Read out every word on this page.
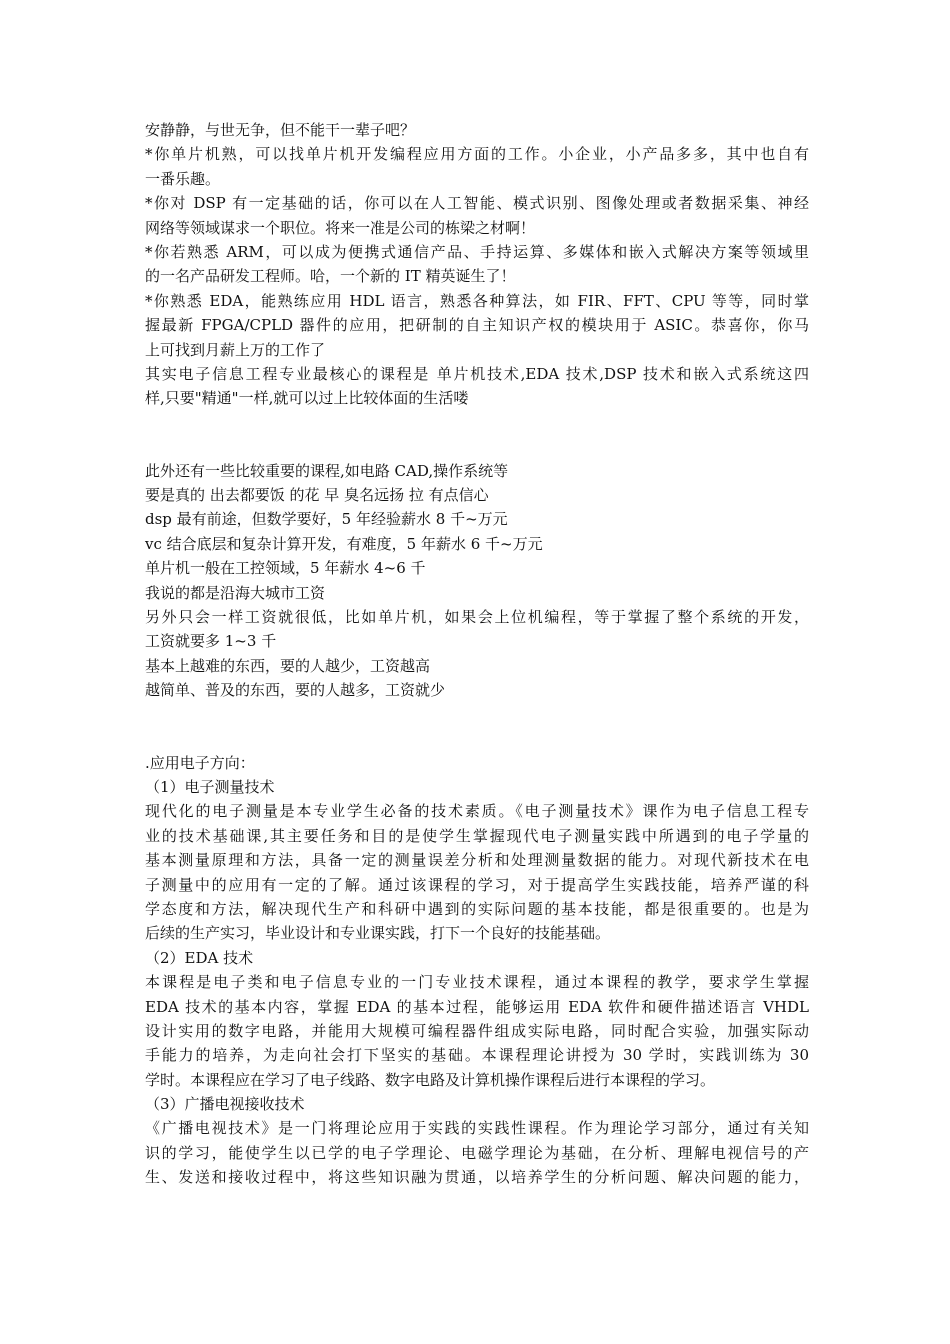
安静静，与世无争，但不能干一辈子吧？
*你单片机熟，可以找单片机开发编程应用方面的工作。小企业，小产品多多，其中也自有
一番乐趣。
*你对 DSP 有一定基础的话，你可以在人工智能、模式识别、图像处理或者数据采集、神经
网络等领域谋求一个职位。将来一准是公司的栋梁之材啊！
*你若熟悉 ARM，可以成为便携式通信产品、手持运算、多媒体和嵌入式解决方案等领域里
的一名产品研发工程师。哈，一个新的 IT 精英诞生了！
*你熟悉 EDA，能熟练应用 HDL 语言，熟悉各种算法，如 FIR、FFT、CPU 等等，同时掌
握最新 FPGA/CPLD 器件的应用，把研制的自主知识产权的模块用于 ASIC。恭喜你，你马
上可找到月薪上万的工作了
其实电子信息工程专业最核心的课程是 单片机技术,EDA 技术,DSP 技术和嵌入式系统这四
样,只要"精通"一样,就可以过上比较体面的生活喽
此外还有一些比较重要的课程,如电路 CAD,操作系统等
要是真的 出去都要饭 的花 早 臭名远扬 拉 有点信心
dsp 最有前途，但数学要好，5 年经验薪水 8 千~万元
vc 结合底层和复杂计算开发，有难度，5 年薪水 6 千~万元
单片机一般在工控领域，5 年薪水 4~6 千
我说的都是沿海大城市工资
另外只会一样工资就很低，比如单片机，如果会上位机编程，等于掌握了整个系统的开发，
工资就要多 1~3 千
基本上越难的东西，要的人越少，工资越高
越简单、普及的东西，要的人越多，工资就少
.应用电子方向：
（1）电子测量技术
现代化的电子测量是本专业学生必备的技术素质。《电子测量技术》课作为电子信息工程专
业的技术基础课,其主要任务和目的是使学生掌握现代电子测量实践中所遇到的电子学量的
基本测量原理和方法，具备一定的测量误差分析和处理测量数据的能力。对现代新技术在电
子测量中的应用有一定的了解。通过该课程的学习，对于提高学生实践技能，培养严谨的科
学态度和方法，解决现代生产和科研中遇到的实际问题的基本技能，都是很重要的。也是为
后续的生产实习，毕业设计和专业课实践，打下一个良好的技能基础。
（2）EDA 技术
本课程是电子类和电子信息专业的一门专业技术课程，通过本课程的教学，要求学生掌握
EDA 技术的基本内容，掌握 EDA 的基本过程，能够运用 EDA 软件和硬件描述语言 VHDL
设计实用的数字电路，并能用大规模可编程器件组成实际电路，同时配合实验，加强实际动
手能力的培养，为走向社会打下坚实的基础。本课程理论讲授为 30 学时，实践训练为 30
学时。本课程应在学习了电子线路、数字电路及计算机操作课程后进行本课程的学习。
（3）广播电视接收技术
《广播电视技术》是一门将理论应用于实践的实践性课程。作为理论学习部分，通过有关知
识的学习，能使学生以已学的电子学理论、电磁学理论为基础，在分析、理解电视信号的产
生、发送和接收过程中，将这些知识融为贯通，以培养学生的分析问题、解决问题的能力，
